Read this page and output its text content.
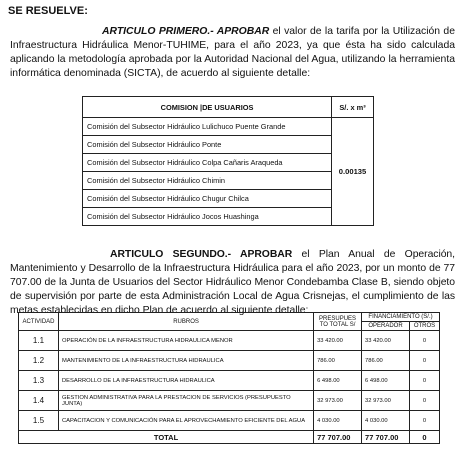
SE RESUELVE:
ARTICULO PRIMERO.- APROBAR el valor de la tarifa por la Utilización de Infraestructura Hidráulica Menor-TUHIME, para el año 2023, ya que ésta ha sido calculada aplicando la metodología aprobada por la Autoridad Nacional del Agua, utilizando la herramienta informática denominada (SICTA), de acuerdo al siguiente detalle:
COMISION |DE USUARIOS	S/. x m³
Comisión del Subsector Hidráulico Lulichuco Puente Grande	0.00135
Comisión del Subsector Hidráulico Ponte	
Comisión del Subsector Hidráulico Colpa Cañaris Araqueda	
Comisión del Subsector Hidráulico Chimin	
Comisión del Subsector Hidráulico Chugur Chilca	
Comisión del Subsector Hidráulico Jocos Huashinga	
ARTICULO SEGUNDO.- APROBAR el Plan Anual de Operación, Mantenimiento y Desarrollo de la Infraestructura Hidráulica para el año 2023, por un monto de 77 707.00 de la Junta de Usuarios del Sector Hidráulico Menor Condebamba Clase B, siendo objeto de supervisión por parte de esta Administración Local de Agua Crisnejas, el cumplimiento de las metas establecidas en dicho Plan de acuerdo al siguiente detalle:
ACTIVIDAD	RUBROS	PRESUPUES TO TOTAL S/	FINANCIAMIENTO (S/.)	
			OPERADOR	OTROS
1.1	OPERACIÓN DE LA INFRAESTRUCTURA HIDRAULICA MENOR	33 420.00	33 420.00	0
1.2	MANTENIMIENTO DE LA INFRAESTRUCTURA HIDRAULICA	786.00	786.00	0
1.3	DESARROLLO DE LA INFRAESTRUCTURA HIDRAULICA	6 498.00	6 498.00	0
1.4	GESTION ADMINISTRATIVA PARA LA PRESTACION DE SERVICIOS (PRESUPUESTO JUNTA)	32 973.00	32 973.00	0
1.5	CAPACITACION Y COMUNICACIÓN PARA EL APROVECHAMIENTO EFICIENTE DEL AGUA	4 030.00	4 030.00	0
TOTAL		77 707.00	77 707.00	0
